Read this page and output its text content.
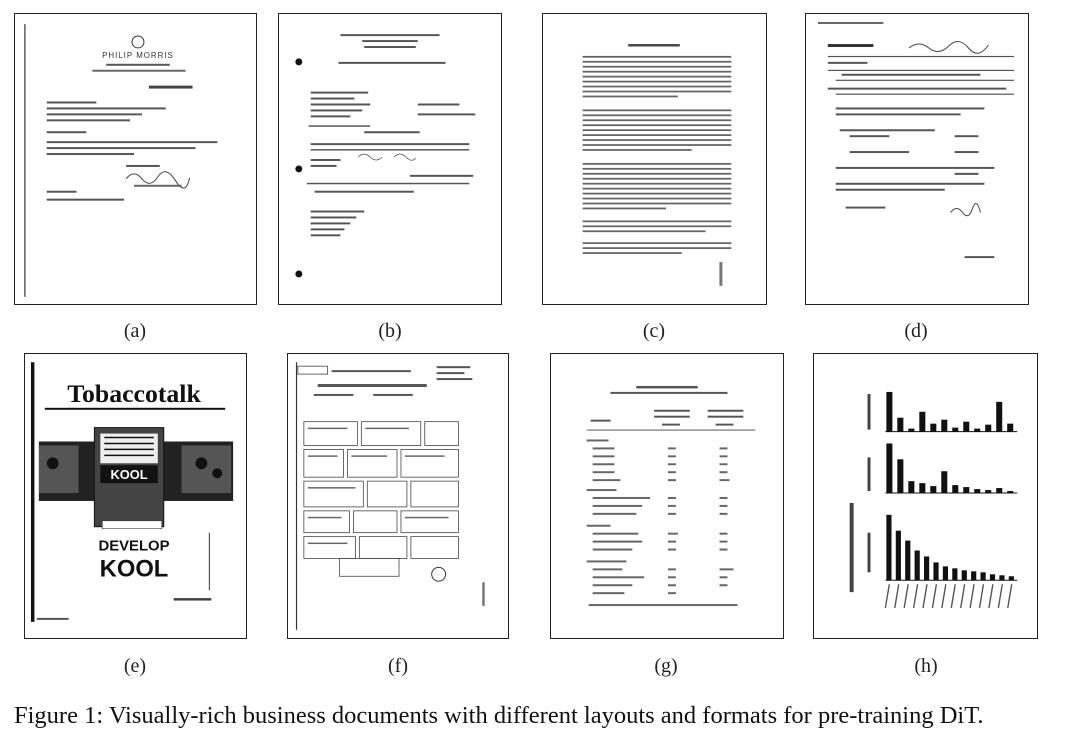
PHILIP MORRIS
(a)	(b)	(c)	(d)
Tobaccotalk
KOOL
DEVELOP
KOOL
(e)	(f)	(g)	(h)
Figure 1: Visually-rich business documents with different layouts and formats for pre-training DiT.
